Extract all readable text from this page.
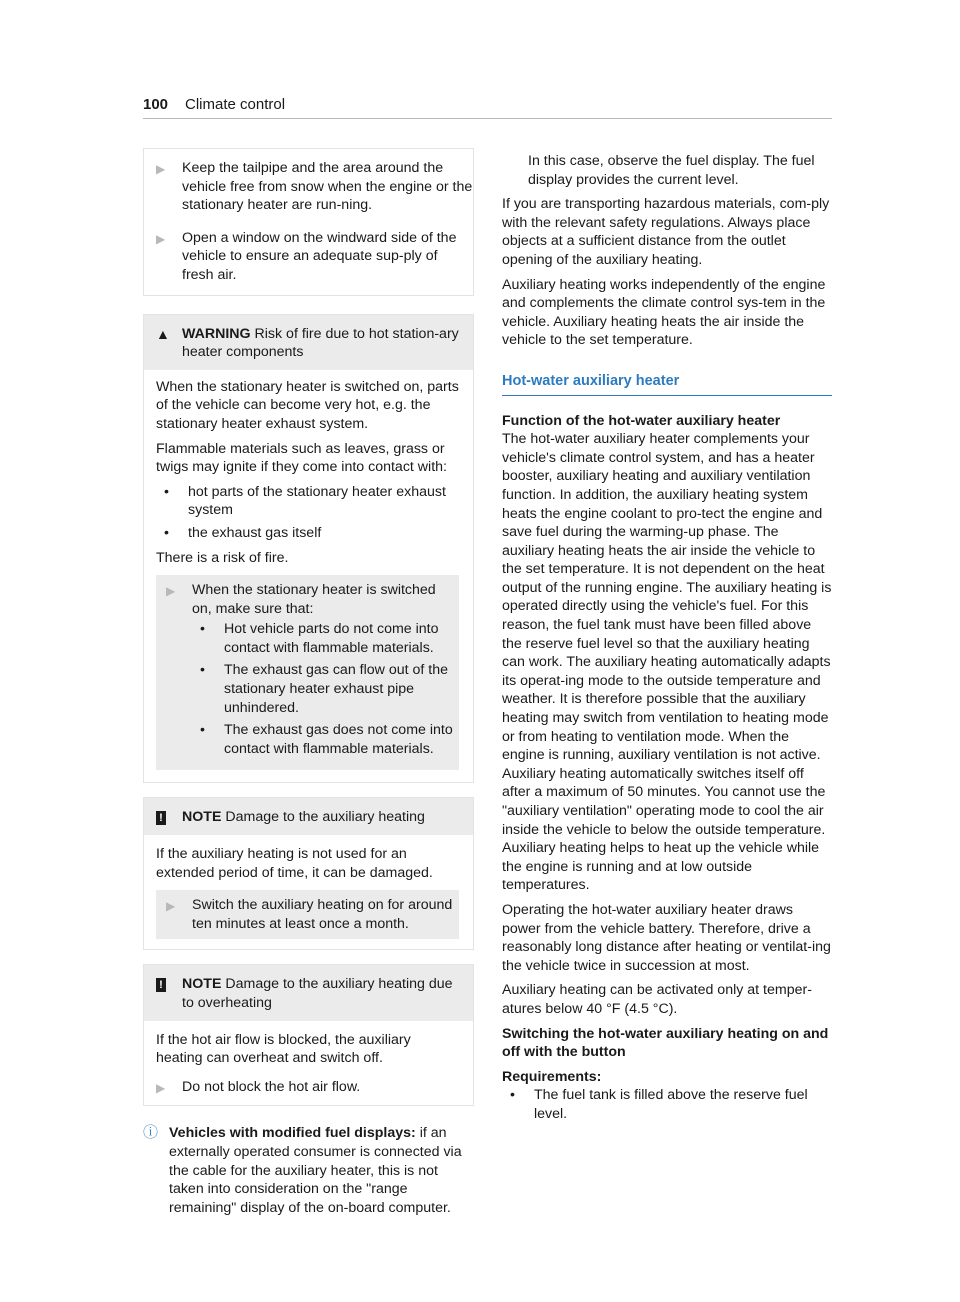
100 Climate control
▶	Keep the tailpipe and the area around the vehicle free from snow when the engine or the stationary heater are run-ning.
▶	Open a window on the windward side of the vehicle to ensure an adequate sup-ply of fresh air.
▲ WARNING Risk of fire due to hot station-ary heater components

When the stationary heater is switched on, parts of the vehicle can become very hot, e.g. the stationary heater exhaust system.

Flammable materials such as leaves, grass or twigs may ignite if they come into contact with:

•	hot parts of the stationary heater exhaust system
•	the exhaust gas itself

There is a risk of fire.

▶	When the stationary heater is switched on, make sure that:
•	Hot vehicle parts do not come into contact with flammable materials.
•	The exhaust gas can flow out of the stationary heater exhaust pipe unhindered.
•	The exhaust gas does not come into contact with flammable materials.
!	NOTE Damage to the auxiliary heating

If the auxiliary heating is not used for an extended period of time, it can be damaged.

▶	Switch the auxiliary heating on for around ten minutes at least once a month.
!	NOTE Damage to the auxiliary heating due to overheating

If the hot air flow is blocked, the auxiliary heating can overheat and switch off.

▶	Do not block the hot air flow.
ⓘ Vehicles with modified fuel displays: if an externally operated consumer is connected via the cable for the auxiliary heater, this is not taken into consideration on the "range remaining" display of the on-board computer.

In this case, observe the fuel display. The fuel display provides the current level.

If you are transporting hazardous materials, com-ply with the relevant safety regulations. Always place objects at a sufficient distance from the outlet opening of the auxiliary heating.

Auxiliary heating works independently of the engine and complements the climate control sys-tem in the vehicle. Auxiliary heating heats the air inside the vehicle to the set temperature.

Hot-water auxiliary heater
Function of the hot-water auxiliary heater

The hot-water auxiliary heater complements your vehicle's climate control system, and has a heater booster, auxiliary heating and auxiliary ventilation function. In addition, the auxiliary heating system heats the engine coolant to pro-tect the engine and save fuel during the warming-up phase. The auxiliary heating heats the air inside the vehicle to the set temperature. It is not dependent on the heat output of the running engine. The auxiliary heating is operated directly using the vehicle's fuel. For this reason, the fuel tank must have been filled above the reserve fuel level so that the auxiliary heating can work. The auxiliary heating automatically adapts its operat-ing mode to the outside temperature and weather. It is therefore possible that the auxiliary heating may switch from ventilation to heating mode or from heating to ventilation mode. When the engine is running, auxiliary ventilation is not active. Auxiliary heating automatically switches itself off after a maximum of 50 minutes. You cannot use the "auxiliary ventilation" operating mode to cool the air inside the vehicle to below the outside temperature. Auxiliary heating helps to heat up the vehicle while the engine is running and at low outside temperatures.

Operating the hot-water auxiliary heater draws power from the vehicle battery. Therefore, drive a reasonably long distance after heating or ventilat-ing the vehicle twice in succession at most.

Auxiliary heating can be activated only at temper-atures below 40 °F (4.5 °C).

Switching the hot-water auxiliary heating on and off with the button
Requirements:
•	The fuel tank is filled above the reserve fuel level.
